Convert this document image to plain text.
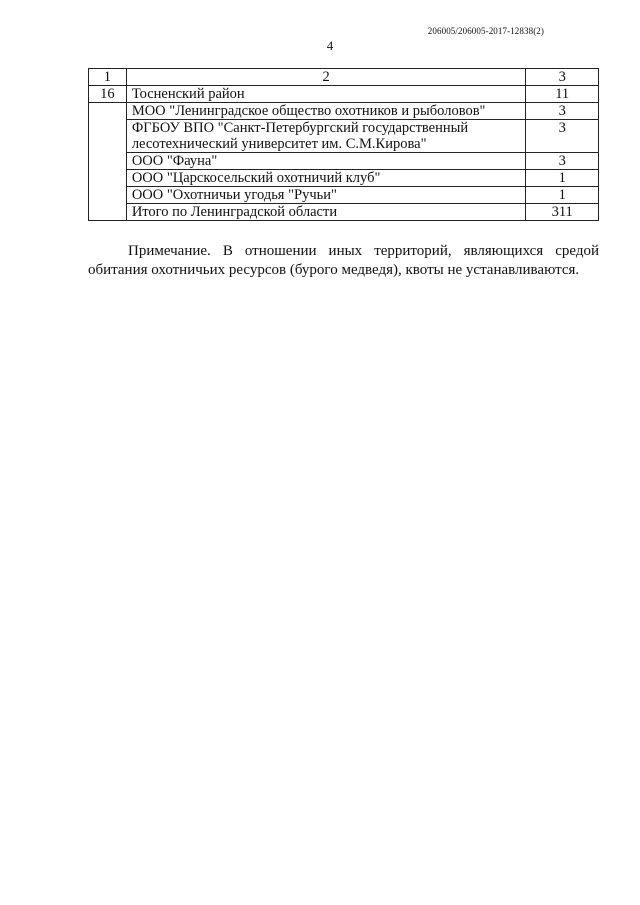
206005/206005-2017-12838(2)
4
1	2	3
16	Тосненский район	11
	МОО "Ленинградское общество охотников и рыболовов"	3

	ФГБОУ ВПО "Санкт-Петербургский государственный
лесотехнический университет им. С.М.Кирова"	3
	ООО "Фауна"	3
	ООО "Царскосельский охотничий клуб"	1
	ООО "Охотничьи угодья "Ручьи"	1
	Итого по Ленинградской области	311
Примечание. В отношении иных территорий, являющихся средой
обитания охотничьих ресурсов (бурого медведя), квоты не устанавливаются.
